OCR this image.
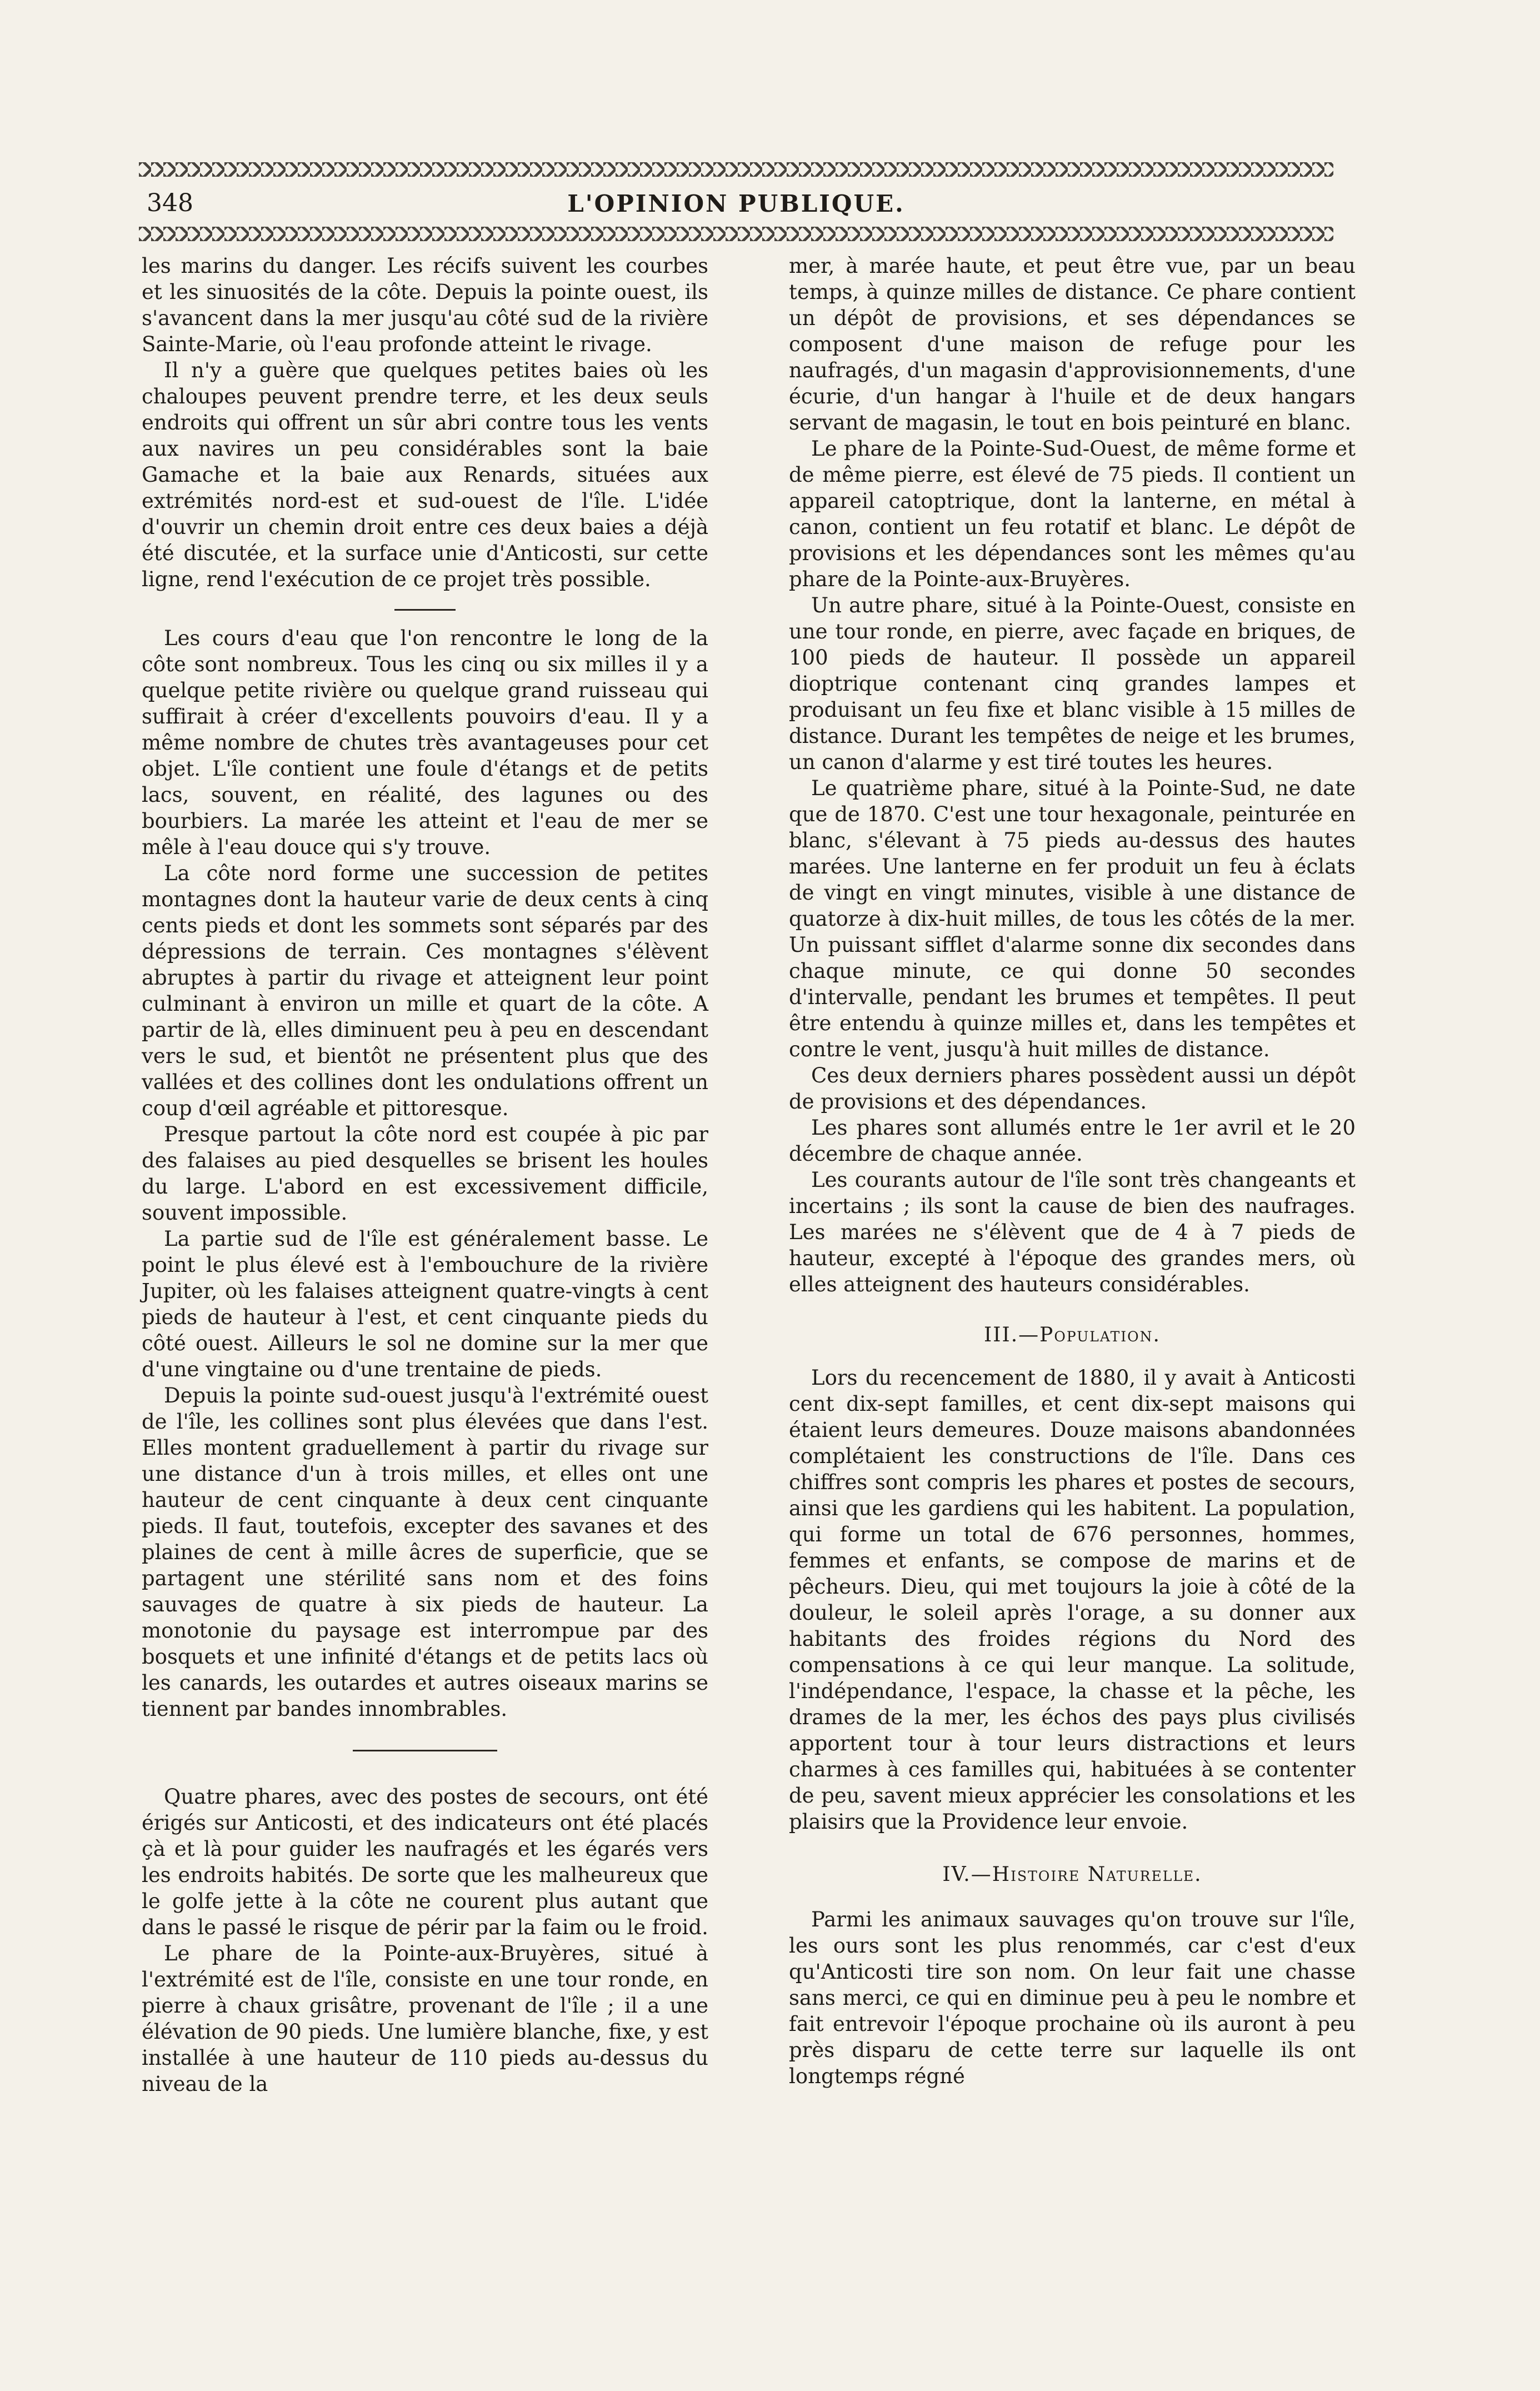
348	L'OPINION PUBLIQUE.

les marins du danger. Les récifs suivent les courbes et les sinuosités de la côte. Depuis la pointe ouest, ils s'avancent dans la mer jusqu'au côté sud de la rivière Sainte-Marie, où l'eau profonde atteint le rivage.

Il n'y a guère que quelques petites baies où les chaloupes peuvent prendre terre, et les deux seuls endroits qui offrent un sûr abri contre tous les vents aux navires un peu considérables sont la baie Gamache et la baie aux Renards, situées aux extrémités nord-est et sud-ouest de l'île. L'idée d'ouvrir un chemin droit entre ces deux baies a déjà été discutée, et la surface unie d'Anticosti, sur cette ligne, rend l'exécution de ce projet très possible.

Les cours d'eau que l'on rencontre le long de la côte sont nombreux. Tous les cinq ou six milles il y a quelque petite rivière ou quelque grand ruisseau qui suffirait à créer d'excellents pouvoirs d'eau. Il y a même nombre de chutes très avantageuses pour cet objet. L'île contient une foule d'étangs et de petits lacs, souvent, en réalité, des lagunes ou des bourbiers. La marée les atteint et l'eau de mer se mêle à l'eau douce qui s'y trouve.

La côte nord forme une succession de petites montagnes dont la hauteur varie de deux cents à cinq cents pieds et dont les sommets sont séparés par des dépressions de terrain. Ces montagnes s'élèvent abruptes à partir du rivage et atteignent leur point culminant à environ un mille et quart de la côte. A partir de là, elles diminuent peu à peu en descendant vers le sud, et bientôt ne présentent plus que des vallées et des collines dont les ondulations offrent un coup d'œil agréable et pittoresque.

Presque partout la côte nord est coupée à pic par des falaises au pied desquelles se brisent les houles du large. L'abord en est excessivement difficile, souvent impossible.

La partie sud de l'île est généralement basse. Le point le plus élevé est à l'embouchure de la rivière Jupiter, où les falaises atteignent quatre-vingts à cent pieds de hauteur à l'est, et cent cinquante pieds du côté ouest. Ailleurs le sol ne domine sur la mer que d'une vingtaine ou d'une trentaine de pieds.

Depuis la pointe sud-ouest jusqu'à l'extrémité ouest de l'île, les collines sont plus élevées que dans l'est. Elles montent graduellement à partir du rivage sur une distance d'un à trois milles, et elles ont une hauteur de cent cinquante à deux cent cinquante pieds. Il faut, toutefois, excepter des savanes et des plaines de cent à mille âcres de superficie, que se partagent une stérilité sans nom et des foins sauvages de quatre à six pieds de hauteur. La monotonie du paysage est interrompue par des bosquets et une infinité d'étangs et de petits lacs où les canards, les outardes et autres oiseaux marins se tiennent par bandes innombrables.

Quatre phares, avec des postes de secours, ont été érigés sur Anticosti, et des indicateurs ont été placés çà et là pour guider les naufragés et les égarés vers les endroits habités. De sorte que les malheureux que le golfe jette à la côte ne courent plus autant que dans le passé le risque de périr par la faim ou le froid.

Le phare de la Pointe-aux-Bruyères, situé à l'extrémité est de l'île, consiste en une tour ronde, en pierre à chaux grisâtre, provenant de l'île ; il a une élévation de 90 pieds. Une lumière blanche, fixe, y est installée à une hauteur de 110 pieds au-dessus du niveau de la

mer, à marée haute, et peut être vue, par un beau temps, à quinze milles de distance. Ce phare contient un dépôt de provisions, et ses dépendances se composent d'une maison de refuge pour les naufragés, d'un magasin d'approvisionnements, d'une écurie, d'un hangar à l'huile et de deux hangars servant de magasin, le tout en bois peinturé en blanc.

Le phare de la Pointe-Sud-Ouest, de même forme et de même pierre, est élevé de 75 pieds. Il contient un appareil catoptrique, dont la lanterne, en métal à canon, contient un feu rotatif et blanc. Le dépôt de provisions et les dépendances sont les mêmes qu'au phare de la Pointe-aux-Bruyères.

Un autre phare, situé à la Pointe-Ouest, consiste en une tour ronde, en pierre, avec façade en briques, de 100 pieds de hauteur. Il possède un appareil dioptrique contenant cinq grandes lampes et produisant un feu fixe et blanc visible à 15 milles de distance. Durant les tempêtes de neige et les brumes, un canon d'alarme y est tiré toutes les heures.

Le quatrième phare, situé à la Pointe-Sud, ne date que de 1870. C'est une tour hexagonale, peinturée en blanc, s'élevant à 75 pieds au-dessus des hautes marées. Une lanterne en fer produit un feu à éclats de vingt en vingt minutes, visible à une distance de quatorze à dix-huit milles, de tous les côtés de la mer. Un puissant sifflet d'alarme sonne dix secondes dans chaque minute, ce qui donne 50 secondes d'intervalle, pendant les brumes et tempêtes. Il peut être entendu à quinze milles et, dans les tempêtes et contre le vent, jusqu'à huit milles de distance.

Ces deux derniers phares possèdent aussi un dépôt de provisions et des dépendances.

Les phares sont allumés entre le 1er avril et le 20 décembre de chaque année.

Les courants autour de l'île sont très changeants et incertains ; ils sont la cause de bien des naufrages. Les marées ne s'élèvent que de 4 à 7 pieds de hauteur, excepté à l'époque des grandes mers, où elles atteignent des hauteurs considérables.

III.—Population.

Lors du recencement de 1880, il y avait à Anticosti cent dix-sept familles, et cent dix-sept maisons qui étaient leurs demeures. Douze maisons abandonnées complétaient les constructions de l'île. Dans ces chiffres sont compris les phares et postes de secours, ainsi que les gardiens qui les habitent. La population, qui forme un total de 676 personnes, hommes, femmes et enfants, se compose de marins et de pêcheurs. Dieu, qui met toujours la joie à côté de la douleur, le soleil après l'orage, a su donner aux habitants des froides régions du Nord des compensations à ce qui leur manque. La solitude, l'indépendance, l'espace, la chasse et la pêche, les drames de la mer, les échos des pays plus civilisés apportent tour à tour leurs distractions et leurs charmes à ces familles qui, habituées à se contenter de peu, savent mieux apprécier les consolations et les plaisirs que la Providence leur envoie.

IV.—Histoire Naturelle.

Parmi les animaux sauvages qu'on trouve sur l'île, les ours sont les plus renommés, car c'est d'eux qu'Anticosti tire son nom. On leur fait une chasse sans merci, ce qui en diminue peu à peu le nombre et fait entrevoir l'époque prochaine où ils auront à peu près disparu de cette terre sur laquelle ils ont longtemps régné
